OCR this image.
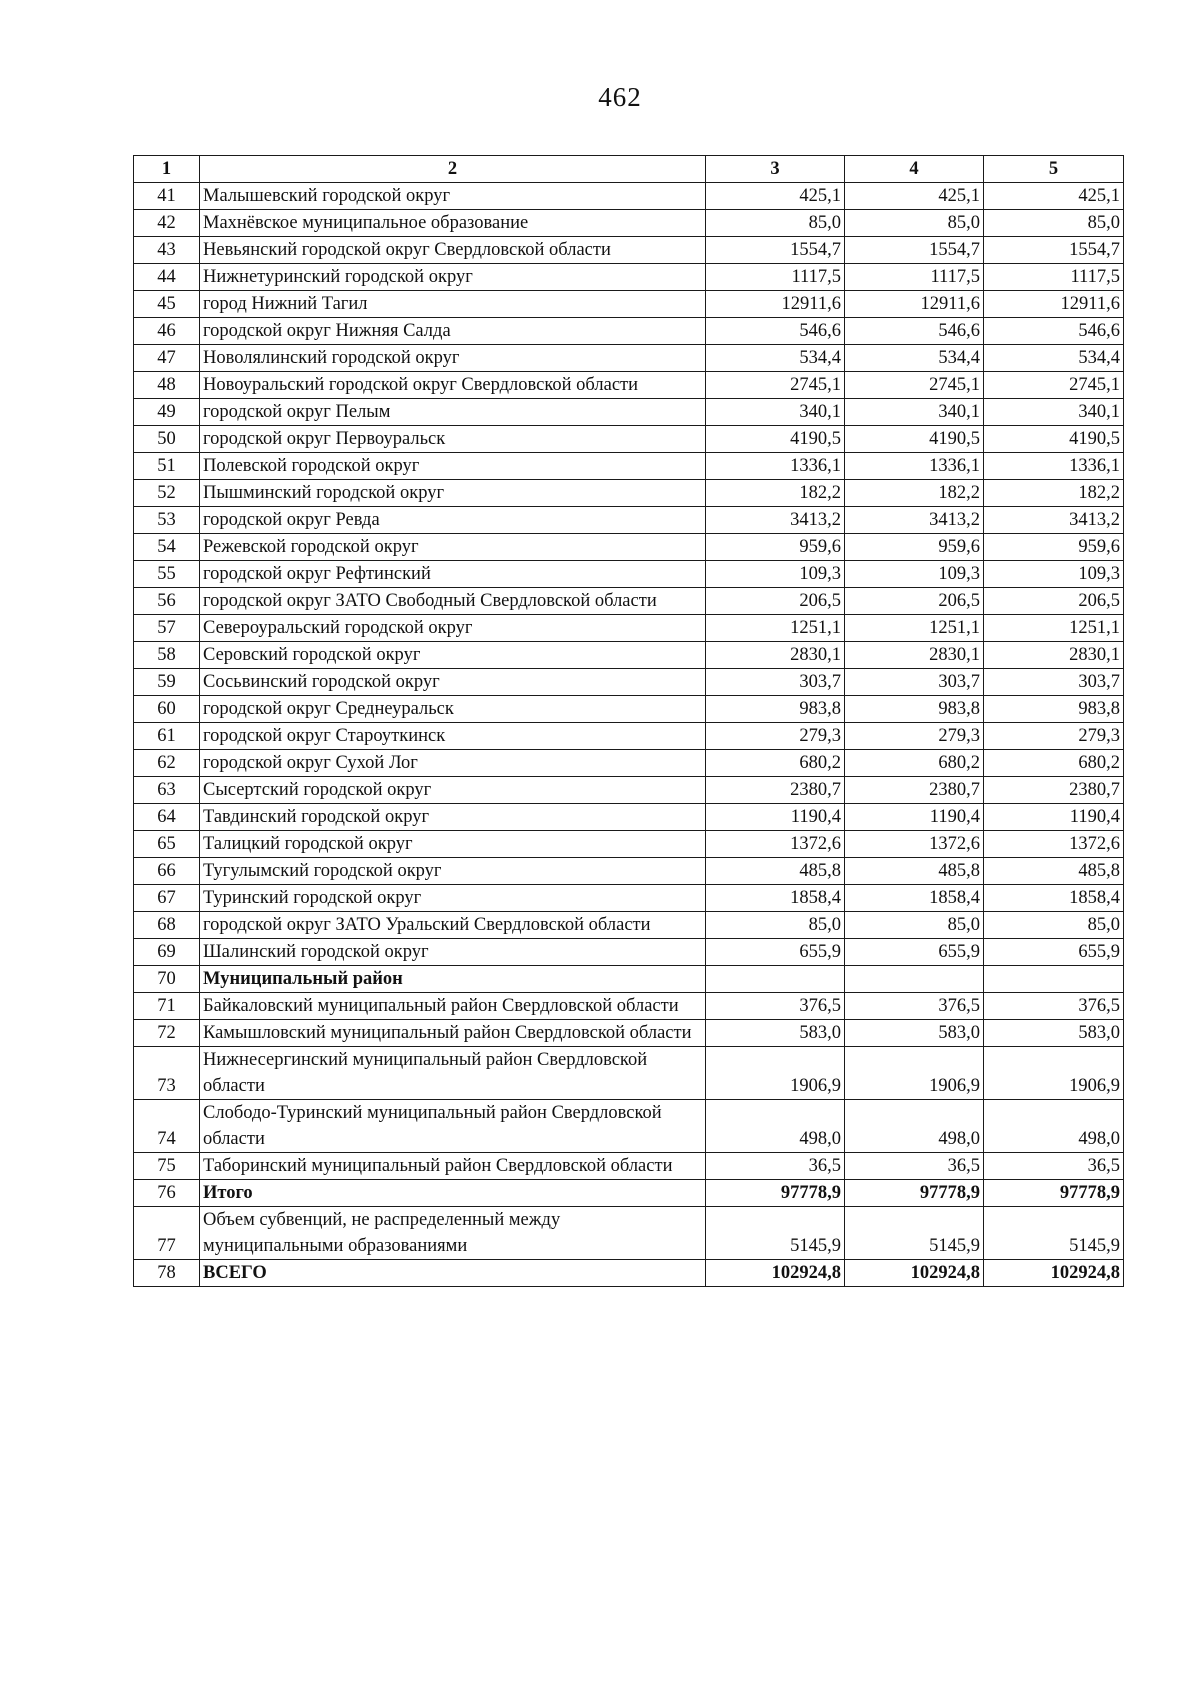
462
1	2	3	4	5
41	Малышевский городской округ	425,1	425,1	425,1
42	Махнёвское муниципальное образование	85,0	85,0	85,0
43	Невьянский городской округ Свердловской области	1554,7	1554,7	1554,7
44	Нижнетуринский городской округ	1117,5	1117,5	1117,5
45	город Нижний Тагил	12911,6	12911,6	12911,6
46	городской округ Нижняя Салда	546,6	546,6	546,6
47	Новолялинский городской округ	534,4	534,4	534,4
48	Новоуральский городской округ Свердловской области	2745,1	2745,1	2745,1
49	городской округ Пелым	340,1	340,1	340,1
50	городской округ Первоуральск	4190,5	4190,5	4190,5
51	Полевской городской округ	1336,1	1336,1	1336,1
52	Пышминский городской округ	182,2	182,2	182,2
53	городской округ Ревда	3413,2	3413,2	3413,2
54	Режевской городской округ	959,6	959,6	959,6
55	городской округ Рефтинский	109,3	109,3	109,3
56	городской округ ЗАТО Свободный Свердловской области	206,5	206,5	206,5
57	Североуральский городской округ	1251,1	1251,1	1251,1
58	Серовский городской округ	2830,1	2830,1	2830,1
59	Сосьвинский городской округ	303,7	303,7	303,7
60	городской округ Среднеуральск	983,8	983,8	983,8
61	городской округ Староуткинск	279,3	279,3	279,3
62	городской округ Сухой Лог	680,2	680,2	680,2
63	Сысертский городской округ	2380,7	2380,7	2380,7
64	Тавдинский городской округ	1190,4	1190,4	1190,4
65	Талицкий городской округ	1372,6	1372,6	1372,6
66	Тугулымский городской округ	485,8	485,8	485,8
67	Туринский городской округ	1858,4	1858,4	1858,4
68	городской округ ЗАТО Уральский Свердловской области	85,0	85,0	85,0
69	Шалинский городской округ	655,9	655,9	655,9
70	Муниципальный район			
71	Байкаловский муниципальный район Свердловской области	376,5	376,5	376,5
72	Камышловский муниципальный район Свердловской области	583,0	583,0	583,0
73	Нижнесергинский муниципальный район Свердловской области	1906,9	1906,9	1906,9
74	Слободо-Туринский муниципальный район Свердловской области	498,0	498,0	498,0
75	Таборинский муниципальный район Свердловской области	36,5	36,5	36,5
76	Итого	97778,9	97778,9	97778,9
77	Объем субвенций, не распределенный между муниципальными образованиями	5145,9	5145,9	5145,9
78	ВСЕГО	102924,8	102924,8	102924,8
